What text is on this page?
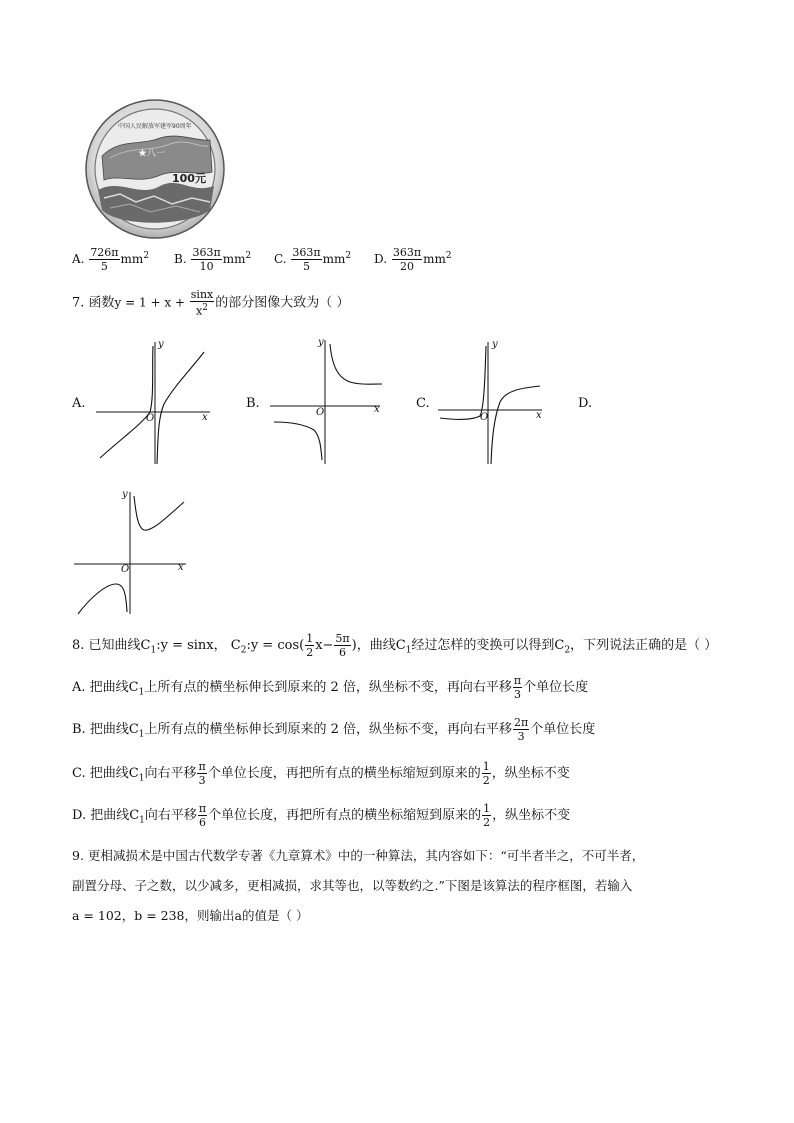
★八一
100元
中国人民解放军建军90周年
A. $\frac{726\pi}{5} mm^2$ B. $\frac{363\pi}{10} mm^2$ C. $\frac{363\pi}{5} mm^2$ D. $\frac{363\pi}{20} mm^2$
7. 函数$y = 1 + x + \frac{\sin x}{x^2}$ 的部分图像大致为（ ）
A.
y
x
O
B.
y
x
O
C.
y
x
O
D.
y
x
O
8. 已知曲线$C_1:y = \sin x$， $C_2:y = \cos( \frac{1}{2} x- \frac{5\pi}{6}$ )，曲线$C_1$经过怎样的变换可以得到$C_2$，下列说法正确的是（ ）
A. 把曲线$C_1$上所有点的横坐标伸长到原来的 2 倍，纵坐标不变，再向右平移 $\frac{\pi}{3}$ 个单位长度
B. 把曲线$C_1$上所有点的横坐标伸长到原来的 2 倍，纵坐标不变，再向右平移 $\frac{2\pi}{3}$ 个单位长度
C. 把曲线$C_1$向右平移 $\frac{\pi}{3}$ 个单位长度，再把所有点的横坐标缩短到原来的 $\frac{1}{2}$ ，纵坐标不变
D. 把曲线$C_1$向右平移 $\frac{\pi}{6}$ 个单位长度，再把所有点的横坐标缩短到原来的 $\frac{1}{2}$ ，纵坐标不变
9. 更相减损术是中国古代数学专著《九章算术》中的一种算法，其内容如下：“可半者半之，不可半者，
副置分母、子之数，以少减多，更相减损，求其等也，以等数约之.”下图是该算法的程序框图，若输入
a = 102，b = 238，则输出a的值是（ ）
